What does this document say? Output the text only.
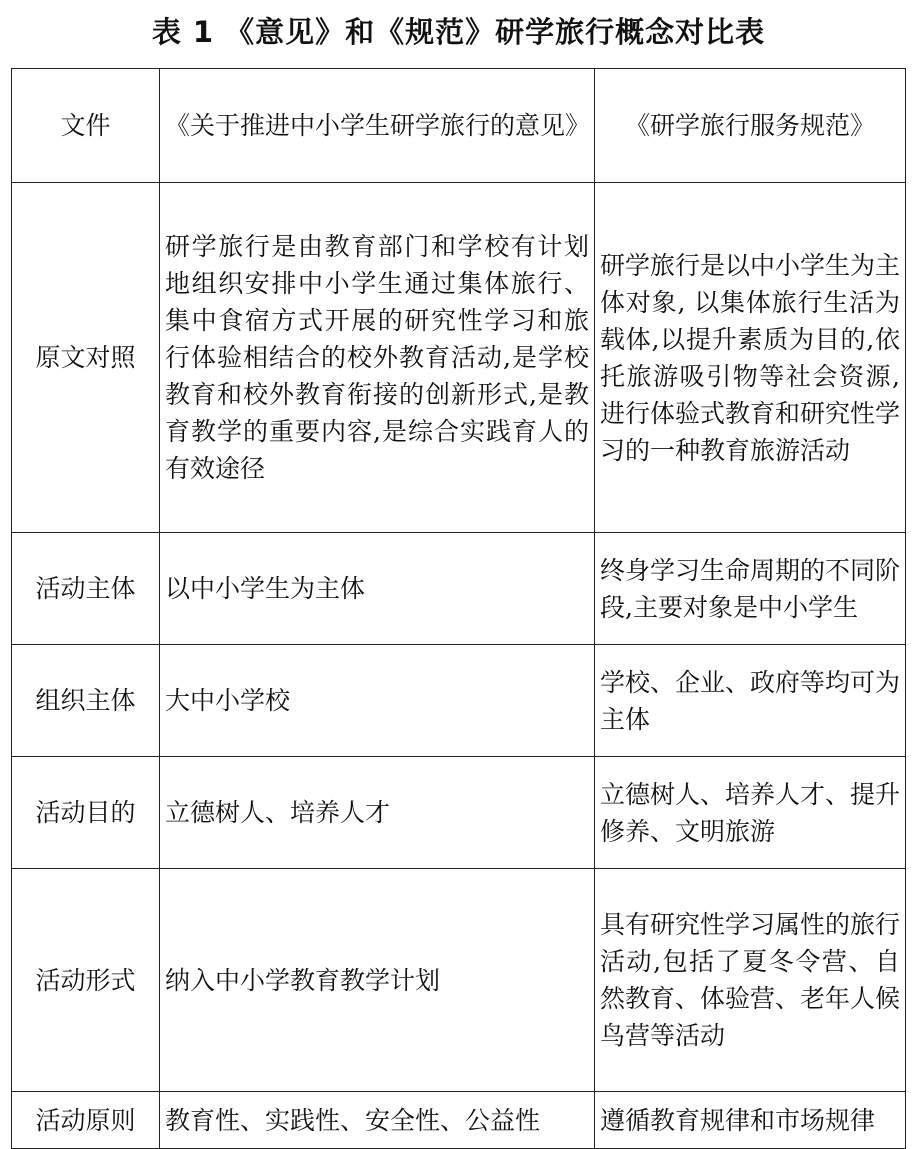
表 1 《意见》和《规范》研学旅行概念对比表
文件	《关于推进中小学生研学旅行的意见》	《研学旅行服务规范》
原文对照	研学旅行是由教育部门和学校有计划地组织安排中小学生通过集体旅行、集中食宿方式开展的研究性学习和旅行体验相结合的校外教育活动,是学校教育和校外教育衔接的创新形式,是教育教学的重要内容,是综合实践育人的有效途径	研学旅行是以中小学生为主体对象, 以集体旅行生活为载体,以提升素质为目的,依托旅游吸引物等社会资源,进行体验式教育和研究性学习的一种教育旅游活动
活动主体	以中小学生为主体	终身学习生命周期的不同阶段,主要对象是中小学生
组织主体	大中小学校	学校、企业、政府等均可为主体
活动目的	立德树人、培养人才	立德树人、培养人才、提升修养、文明旅游
活动形式	纳入中小学教育教学计划	具有研究性学习属性的旅行活动,包括了夏冬令营、自然教育、体验营、老年人候鸟营等活动
活动原则	教育性、实践性、安全性、公益性	遵循教育规律和市场规律
